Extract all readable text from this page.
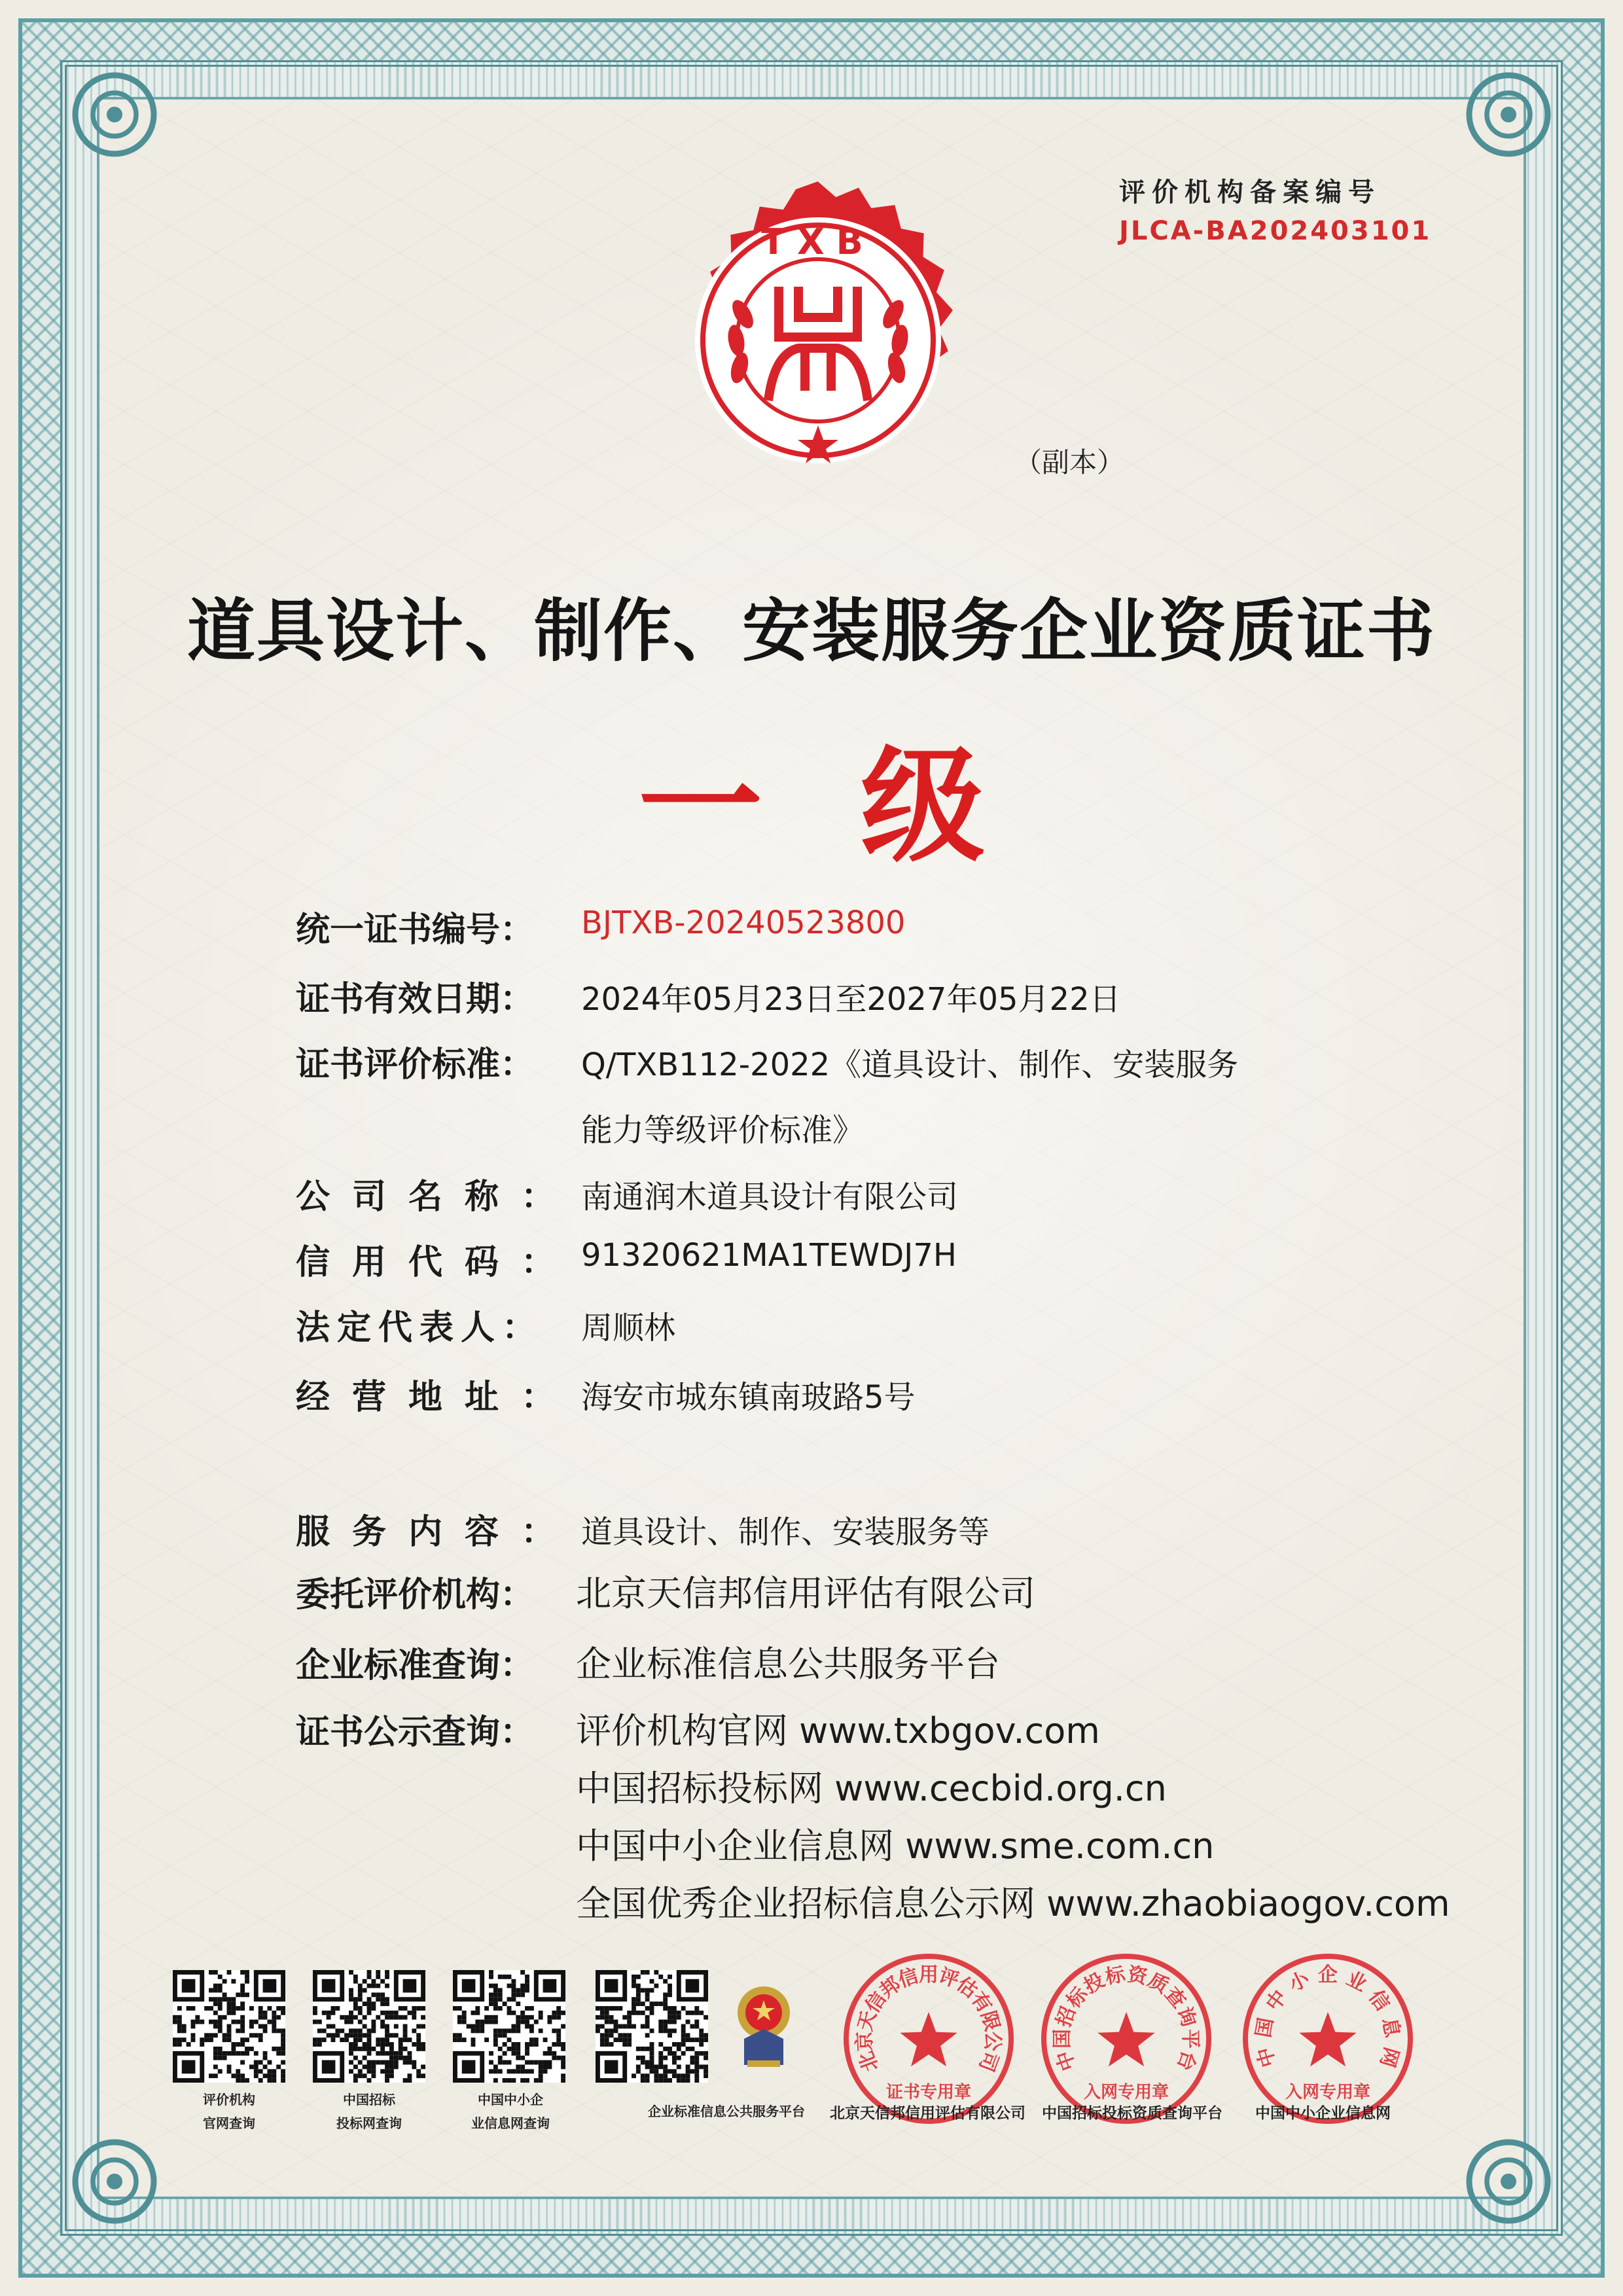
TXB
评价机构备案编号
JLCA-BA202403101
（副本）
道具设计、制作、安装服务企业资质证书
一级
统一证书编号： BJTXB-20240523800
证书有效日期： 2024年05月23日至2027年05月22日
证书评价标准： Q/TXB112-2022《道具设计、制作、安装服务
能力等级评价标准》
公司名称： 南通润木道具设计有限公司
信用代码： 91320621MA1TEWDJ7H
法定代表人： 周顺林
经营地址： 海安市城东镇南玻路5号
服务内容： 道具设计、制作、安装服务等
委托评价机构： 北京天信邦信用评估有限公司
企业标准查询： 企业标准信息公共服务平台
证书公示查询： 评价机构官网 www.txbgov.com
中国招标投标网 www.cecbid.org.cn
中国中小企业信息网 www.sme.com.cn
全国优秀企业招标信息公示网 www.zhaobiaogov.com
评价机构
官网查询
中国招标
投标网查询
中国中小企
业信息网查询
企业标准信息公共服务平台
北
京
天
信
邦
信
用
评
估
有
限
公
司
证书专用章
中
国
招
标
投
标
资
质
查
询
平
台
入网专用章
中
国
中
小 企 业
信
息
网
入网专用章
北京天信邦信用评估有限公司 中国招标投标资质查询平台 中国中小企业信息网
